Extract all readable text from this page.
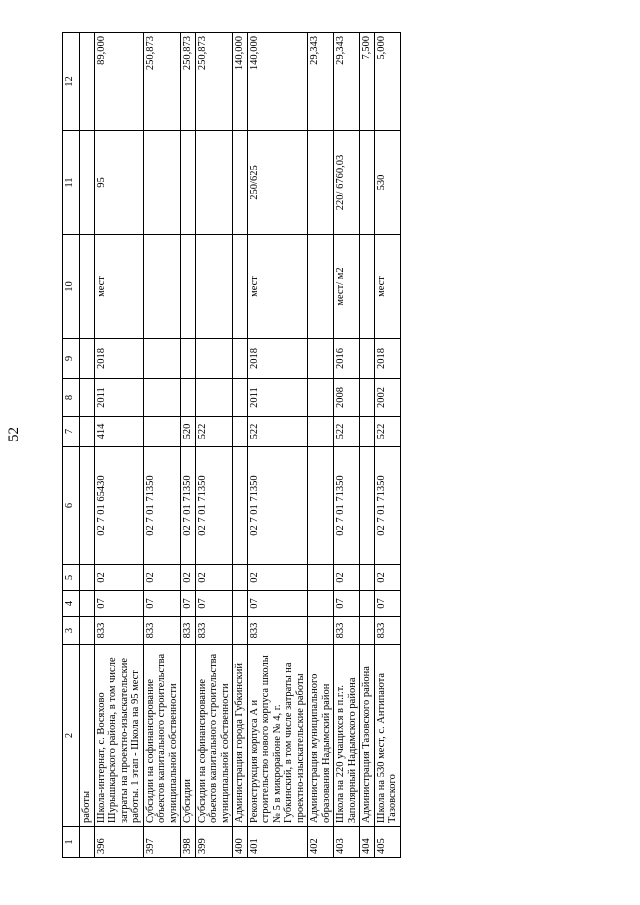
52
1	2	3	4	5	6	7	8	9	10	11	12
	работы										
396	Школа-интернат, с. Восяхово Шурышкарского района, в том числе затраты на проектно-изыскательские работы. 1 этап - Школа на 95 мест	833	07	02	02 7 01 65430	414	2011	2018	мест	95	89,000
397	Субсидии на софинансирование объектов капитального строительства муниципальной собственности	833	07	02	02 7 01 71350						250,873
398	Субсидии	833	07	02	02 7 01 71350	520					250,873
399	Субсидии на софинансирование объектов капитального строительства муниципальной собственности	833	07	02	02 7 01 71350	522					250,873
400	Администрация города Губкинский										140,000
401	Реконструкция корпуса А и строительство нового корпуса школы № 5 в микрорайоне № 4, г. Губкинский, в том числе затраты на проектно-изыскательские работы	833	07	02	02 7 01 71350	522	2011	2018	мест	250/625	140,000
402	Администрация муниципального образования Надымский район										29,343
403	Школа на 220 учащихся в п.г.т. Заполярный Надымского района	833	07	02	02 7 01 71350	522	2008	2016	мест/ м2	220/ 6760,03	29,343
404	Администрация Тазовского района										7,500
405	Школа на 530 мест, с. Антипаюта Тазовского	833	07	02	02 7 01 71350	522	2002	2018	мест	530	5,000
